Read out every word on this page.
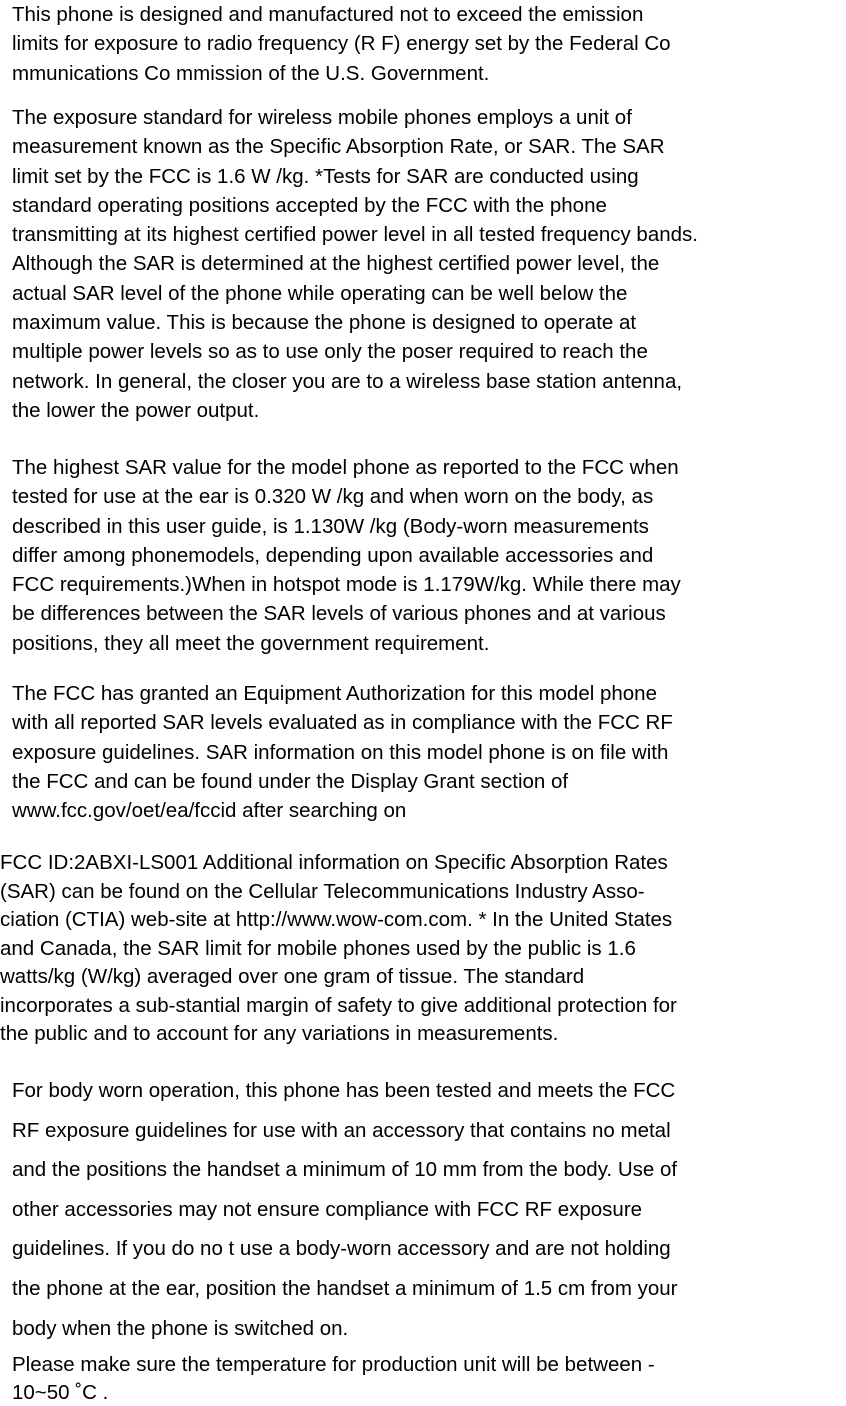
This phone is designed and manufactured not to exceed the emission
limits for exposure to radio frequency (R F) energy set by the Federal Co
mmunications Co mmission of the U.S. Government.

The exposure standard for wireless mobile phones employs a unit of
measurement known as the Specific Absorption Rate, or SAR. The SAR
limit set by the FCC is 1.6 W /kg. *Tests for SAR are conducted using
standard operating positions accepted by the FCC with the phone
transmitting at its highest certified power level in all tested frequency bands.
Although the SAR is determined at the highest certified power level, the
actual SAR level of the phone while operating can be well below the
maximum value. This is because the phone is designed to operate at
multiple power levels so as to use only the poser required to reach the
network. In general, the closer you are to a wireless base station antenna,
the lower the power output.

The highest SAR value for the model phone as reported to the FCC when
tested for use at the ear is 0.320 W /kg and when worn on the body, as
described in this user guide, is 1.130W /kg (Body-worn measurements
differ among phonemodels, depending upon available accessories and
FCC requirements.)When in hotspot mode is 1.179W/kg. While there may
be differences between the SAR levels of various phones and at various
positions, they all meet the government requirement.

The FCC has granted an Equipment Authorization for this model phone
with all reported SAR levels evaluated as in compliance with the FCC RF
exposure guidelines. SAR information on this model phone is on file with
the FCC and can be found under the Display Grant section of
www.fcc.gov/oet/ea/fccid after searching on

FCC ID:2ABXI-LS001 Additional information on Specific Absorption Rates
(SAR) can be found on the Cellular Telecommunications Industry Asso-
ciation (CTIA) web-site at http://www.wow-com.com. * In the United States
and Canada, the SAR limit for mobile phones used by the public is 1.6
watts/kg (W/kg) averaged over one gram of tissue. The standard
incorporates a sub-stantial margin of safety to give additional protection for
the public and to account for any variations in measurements.

For body worn operation, this phone has been tested and meets the FCC
RF exposure guidelines for use with an accessory that contains no metal
and the positions the handset a minimum of 10 mm from the body. Use of
other accessories may not ensure compliance with FCC RF exposure
guidelines. If you do no t use a body-worn accessory and are not holding
the phone at the ear, position the handset a minimum of 1.5 cm from your
body when the phone is switched on.

Please make sure the temperature for production unit will be between -
10~50 ˚C .
